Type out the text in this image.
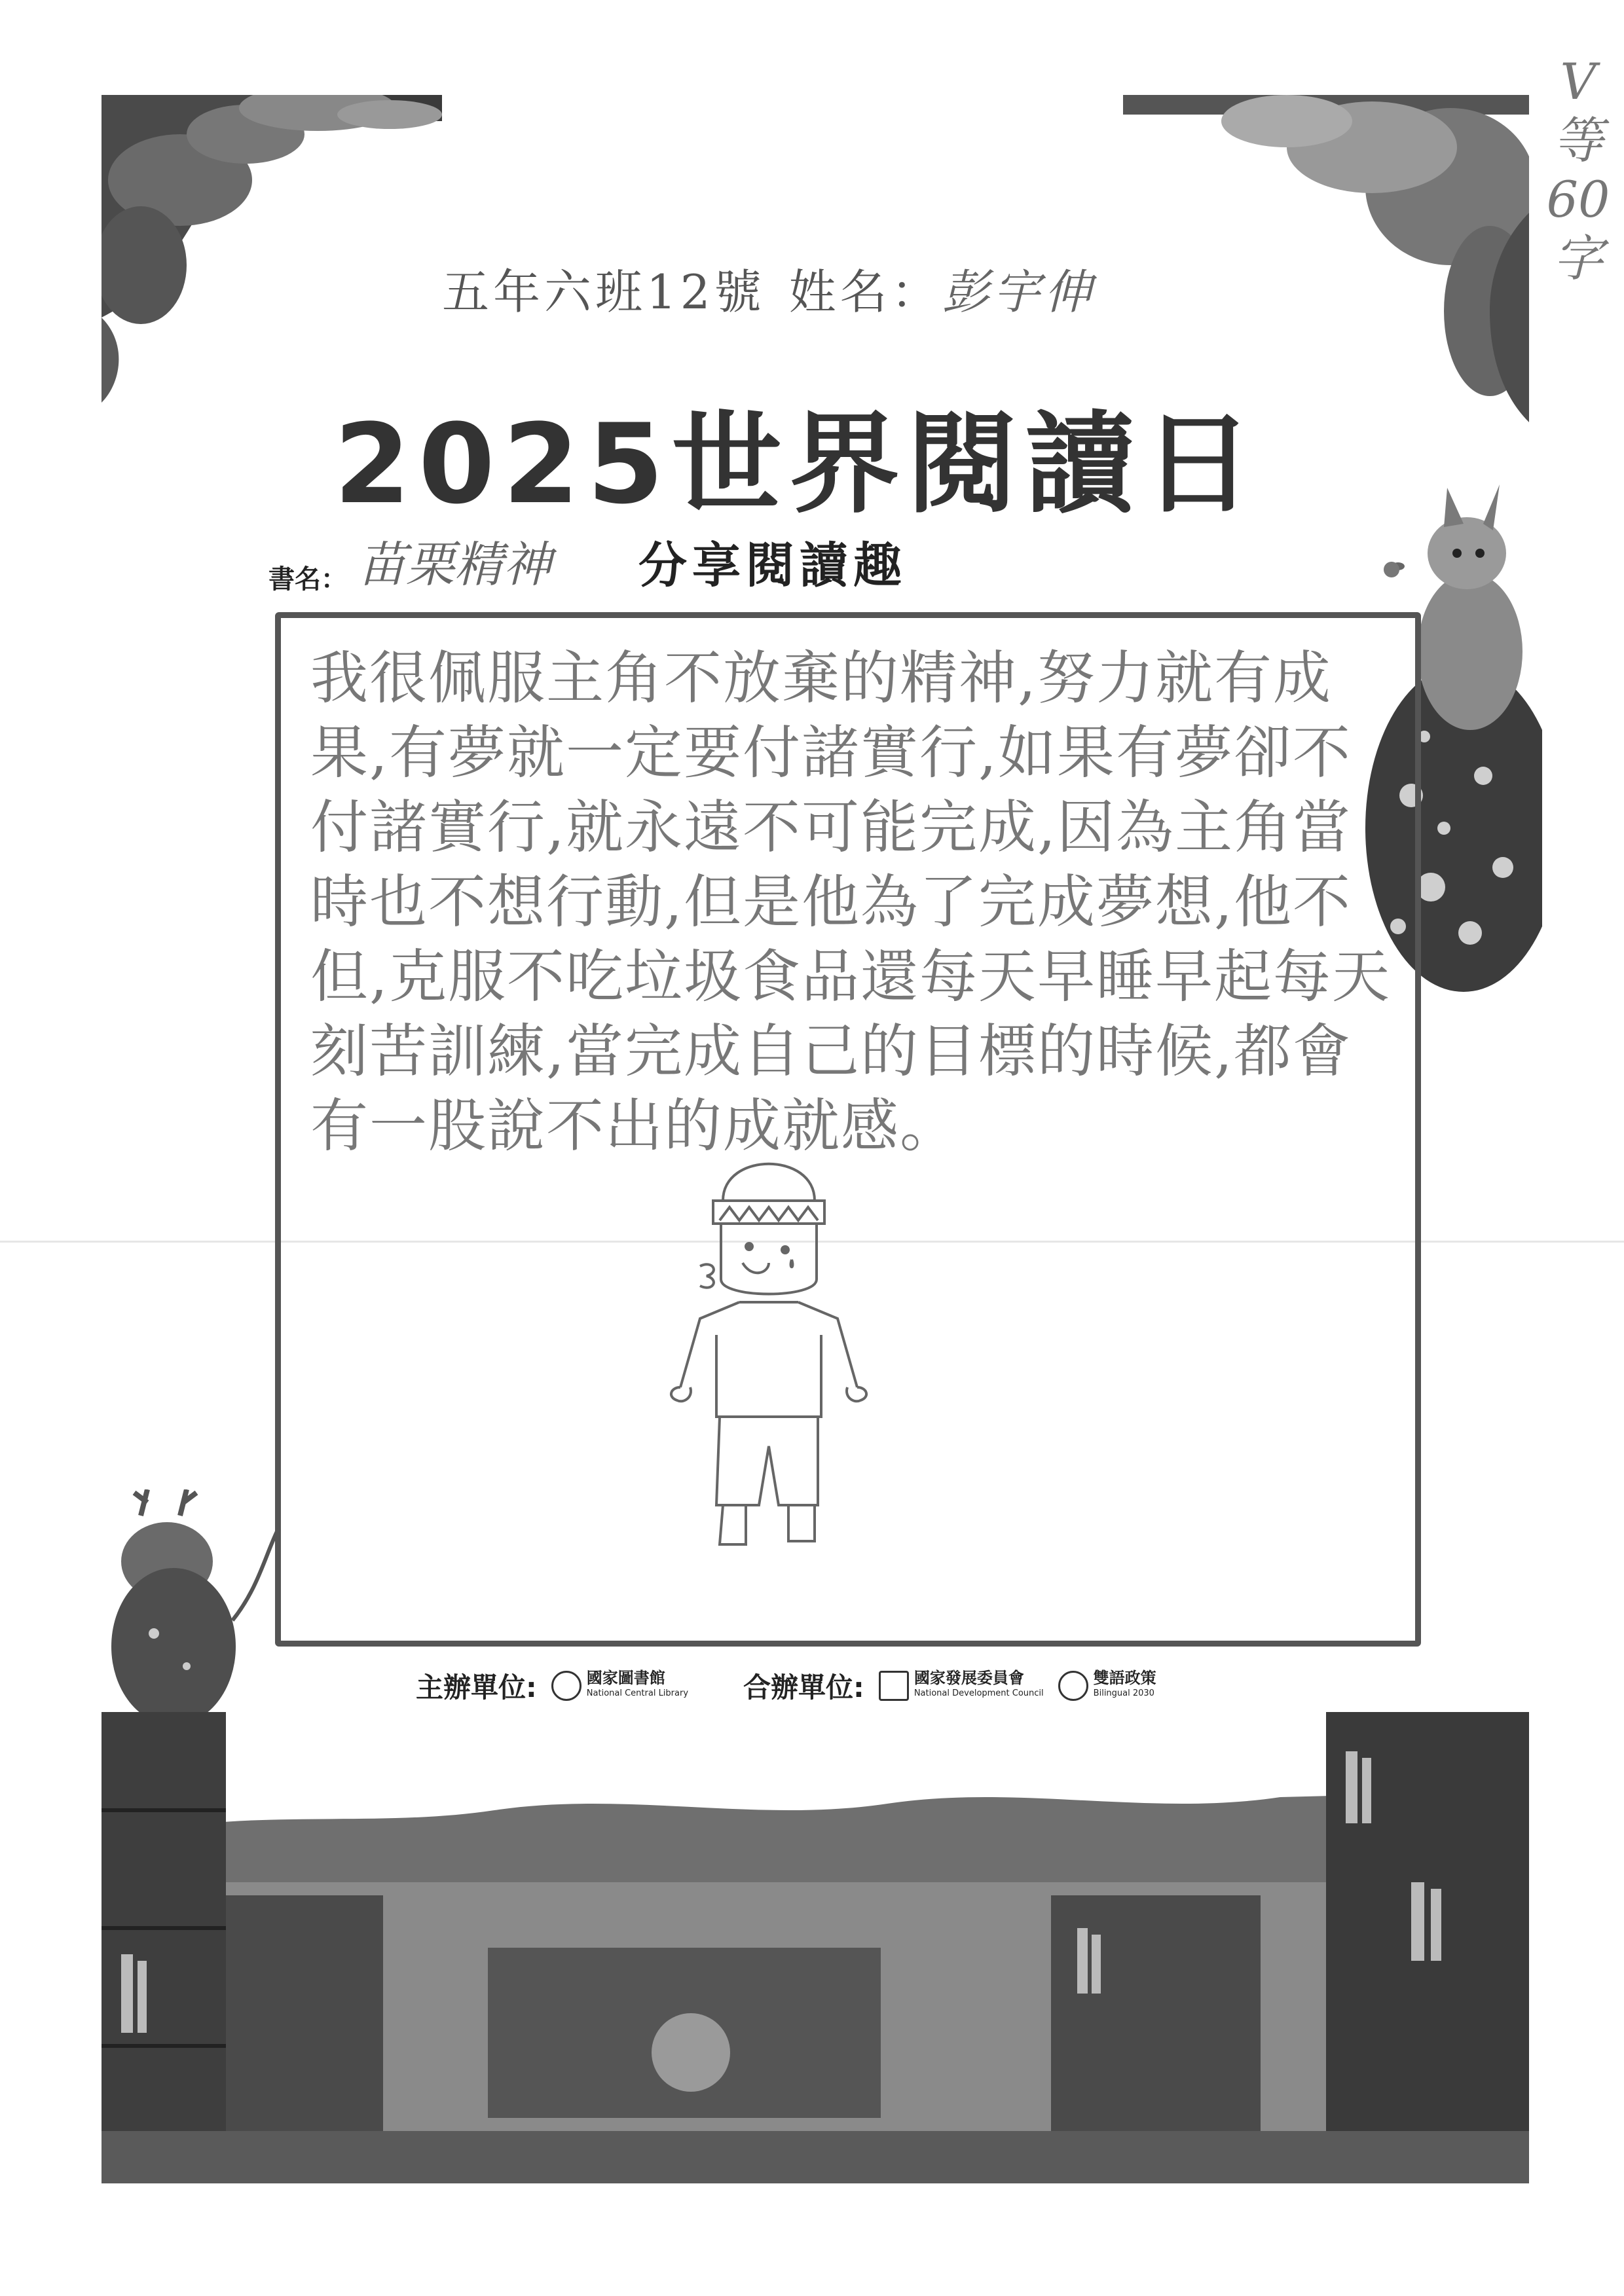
V等 60字
五年六班12號 姓名：彭宇伸
2025世界閱讀日
書名： 苗栗精神 分享閱讀趣
我很佩服主角不放棄的精神,努力就有成果,有夢就一定要付諸實行,如果有夢卻不付諸實行,就永遠不可能完成,因為主角當時也不想行動,但是他為了完成夢想,他不但,克服不吃垃圾食品還每天早睡早起每天刻苦訓練,當完成自己的目標的時候,都會有一股說不出的成就感。
主辦單位:	國家圖書館
National Central Library 合辦單位:	國家發展委員會
National Development Council
雙語政策
Bilingual 2030
